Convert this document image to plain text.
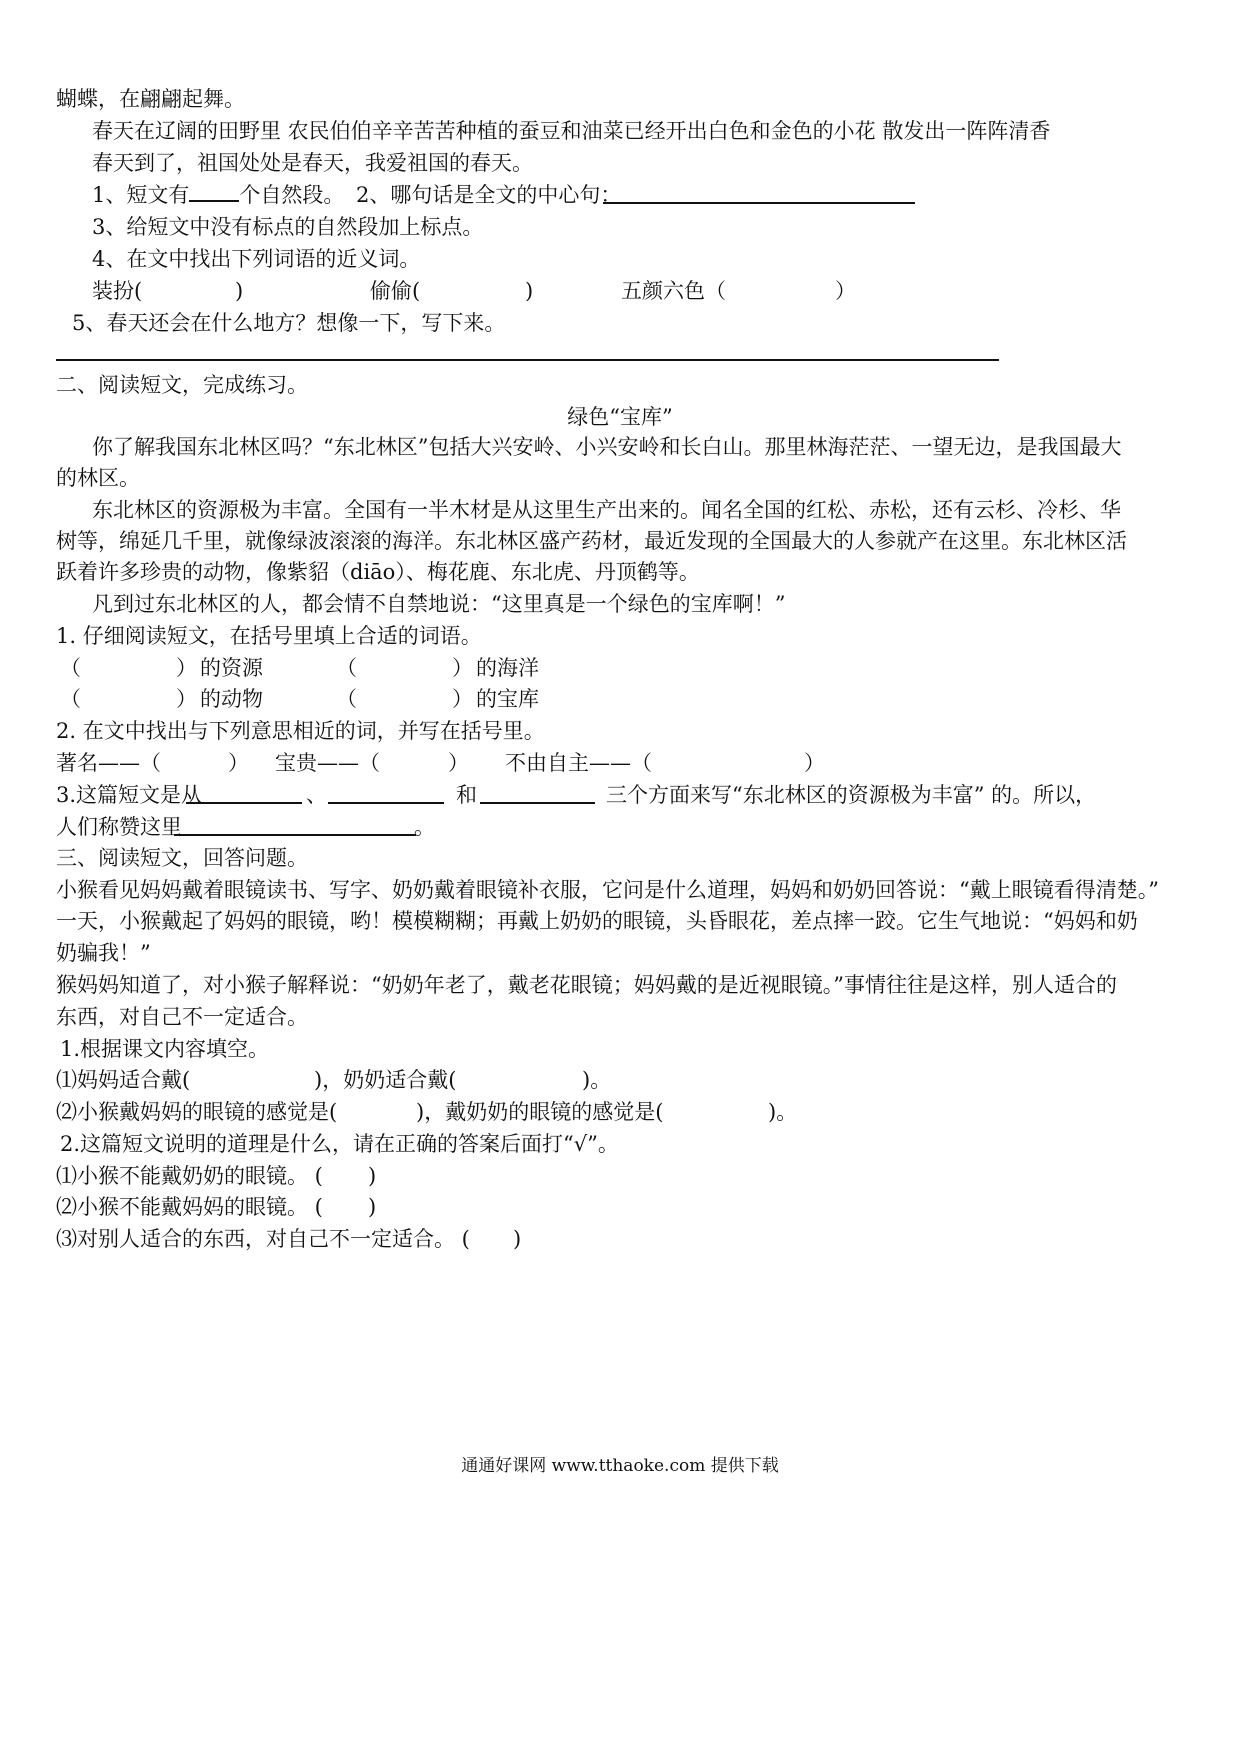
蝴蝶，在翩翩起舞。
春天在辽阔的田野里 农民伯伯辛辛苦苦种植的蚕豆和油菜已经开出白色和金色的小花 散发出一阵阵清香
春天到了，祖国处处是春天，我爱祖国的春天。
1、短文有 个自然段。 2、哪句话是全文的中心句：
3、给短文中没有标点的自然段加上标点。
4、在文中找出下列词语的近义词。
装扮(	)	偷偷(	)	五颜六色（	）
5、春天还会在什么地方？想像一下，写下来。
二、阅读短文，完成练习。
绿色“宝库”
你了解我国东北林区吗？“东北林区”包括大兴安岭、小兴安岭和长白山。那里林海茫茫、一望无边，是我国最大
的林区。
东北林区的资源极为丰富。全国有一半木材是从这里生产出来的。闻名全国的红松、赤松，还有云杉、冷杉、华
树等，绵延几千里，就像绿波滚滚的海洋。东北林区盛产药材，最近发现的全国最大的人参就产在这里。东北林区活
跃着许多珍贵的动物，像紫貂（diāo）、梅花鹿、东北虎、丹顶鹤等。
凡到过东北林区的人，都会情不自禁地说：“这里真是一个绿色的宝库啊！”
1. 仔细阅读短文，在括号里填上合适的词语。
（	） 的资源	（	） 的海洋
（	） 的动物	（	） 的宝库
2. 在文中找出与下列意思相近的词，并写在括号里。
著名——（	） 宝贵——（	） 不由自主——（	）
3.这篇短文是从	、	和	三个方面来写“东北林区的资源极为丰富” 的。所以，
人们称赞这里	。
三、阅读短文，回答问题。
小猴看见妈妈戴着眼镜读书、写字、奶奶戴着眼镜补衣服，它问是什么道理，妈妈和奶奶回答说：“戴上眼镜看得清楚。”
一天，小猴戴起了妈妈的眼镜，哟！模模糊糊；再戴上奶奶的眼镜，头昏眼花，差点摔一跤。它生气地说：“妈妈和奶
奶骗我！”
猴妈妈知道了，对小猴子解释说：“奶奶年老了，戴老花眼镜；妈妈戴的是近视眼镜。”事情往往是这样，别人适合的
东西，对自己不一定适合。
1.根据课文内容填空。
⑴妈妈适合戴(	)，奶奶适合戴(	)。
⑵小猴戴妈妈的眼镜的感觉是(	)，戴奶奶的眼镜的感觉是(	)。
2.这篇短文说明的道理是什么，请在正确的答案后面打“√”。
⑴小猴不能戴奶奶的眼镜。 ( )
⑵小猴不能戴妈妈的眼镜。 ( )
⑶对别人适合的东西，对自己不一定适合。 ( )
通通好课网 www.tthaoke.com 提供下载
